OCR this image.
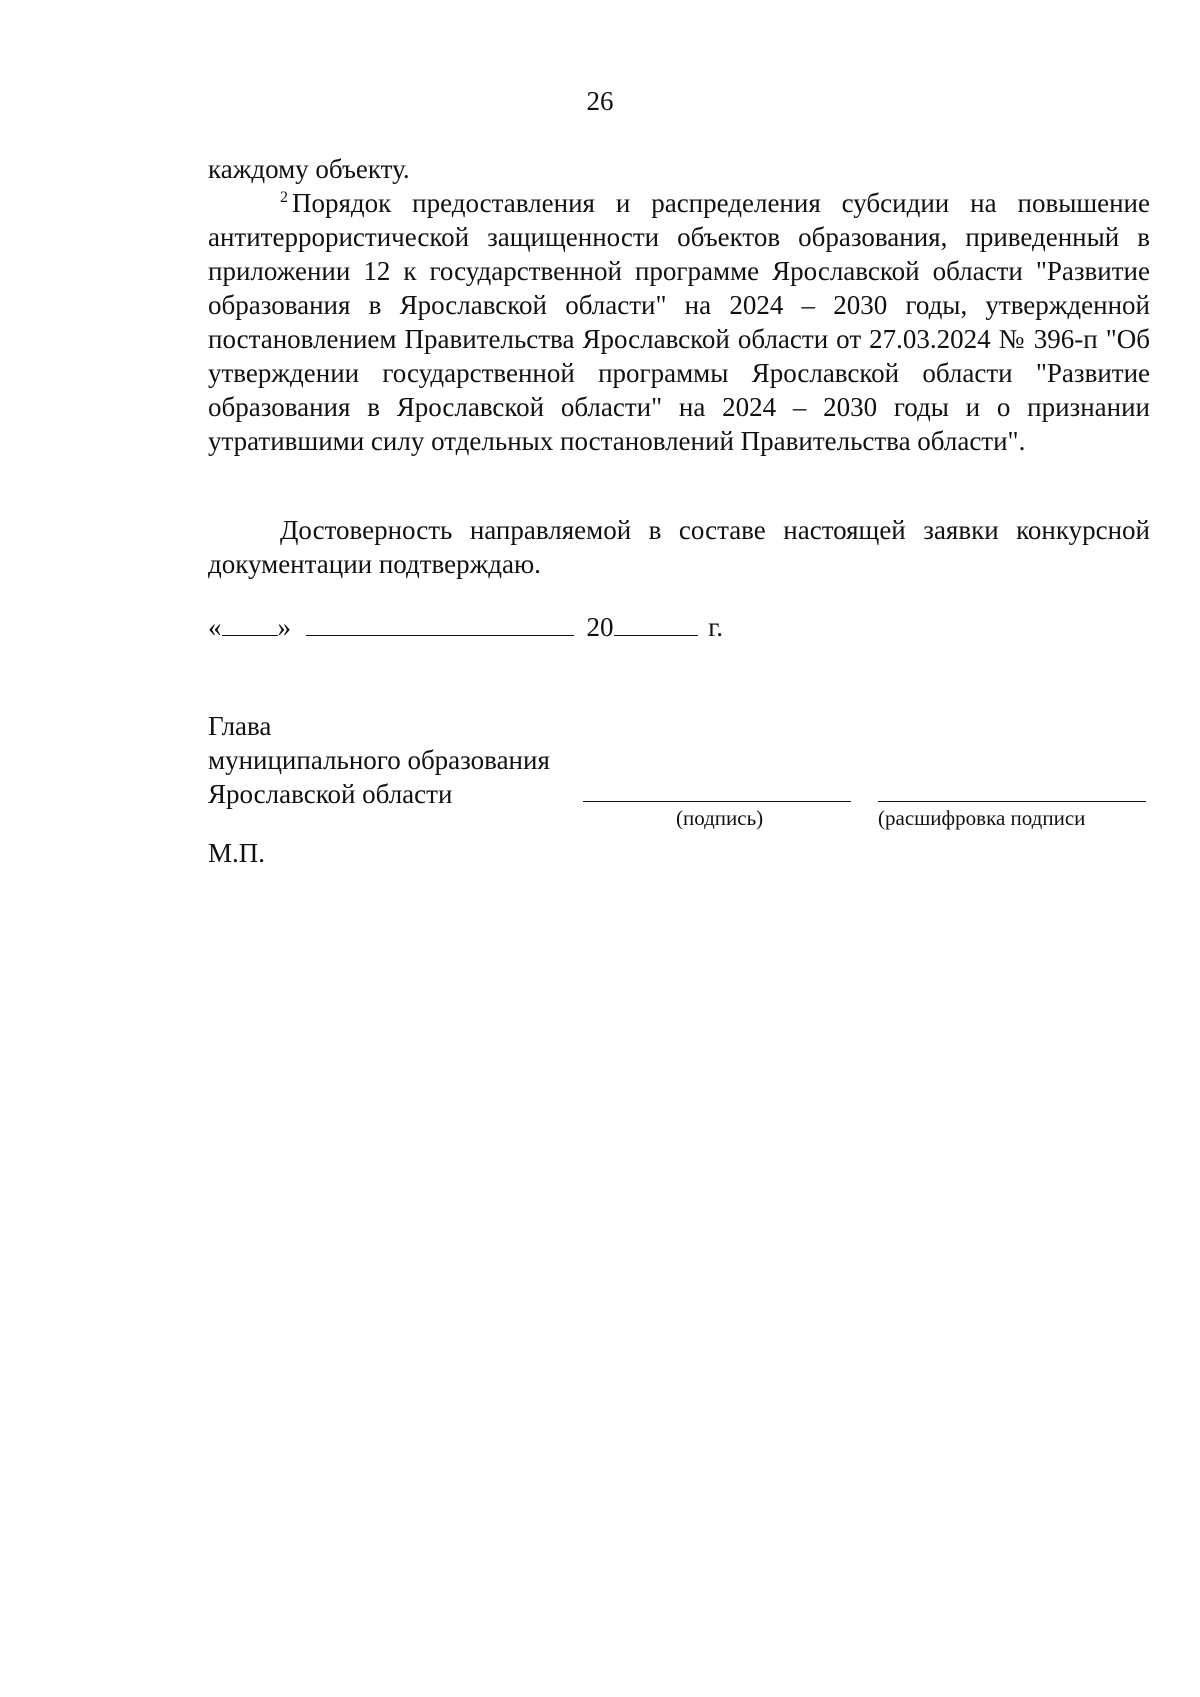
26
каждому объекту.
$^2$ Порядок предоставления и распределения субсидии на повышение антитеррористической защищенности объектов образования, приведенный в приложении 12 к государственной программе Ярославской области "Развитие образования в Ярославской области" на 2024 – 2030 годы, утвержденной постановлением Правительства Ярославской области от 27.03.2024 № 396-п "Об утверждении государственной программы Ярославской области "Развитие образования в Ярославской области" на 2024 – 2030 годы и о признании утратившими силу отдельных постановлений Правительства области".
Достоверность направляемой в составе настоящей заявки конкурсной документации подтверждаю.
« »	20	г.
Глава
муниципального образования
Ярославской области
(подпись)	(расшифровка подписи
М.П.
